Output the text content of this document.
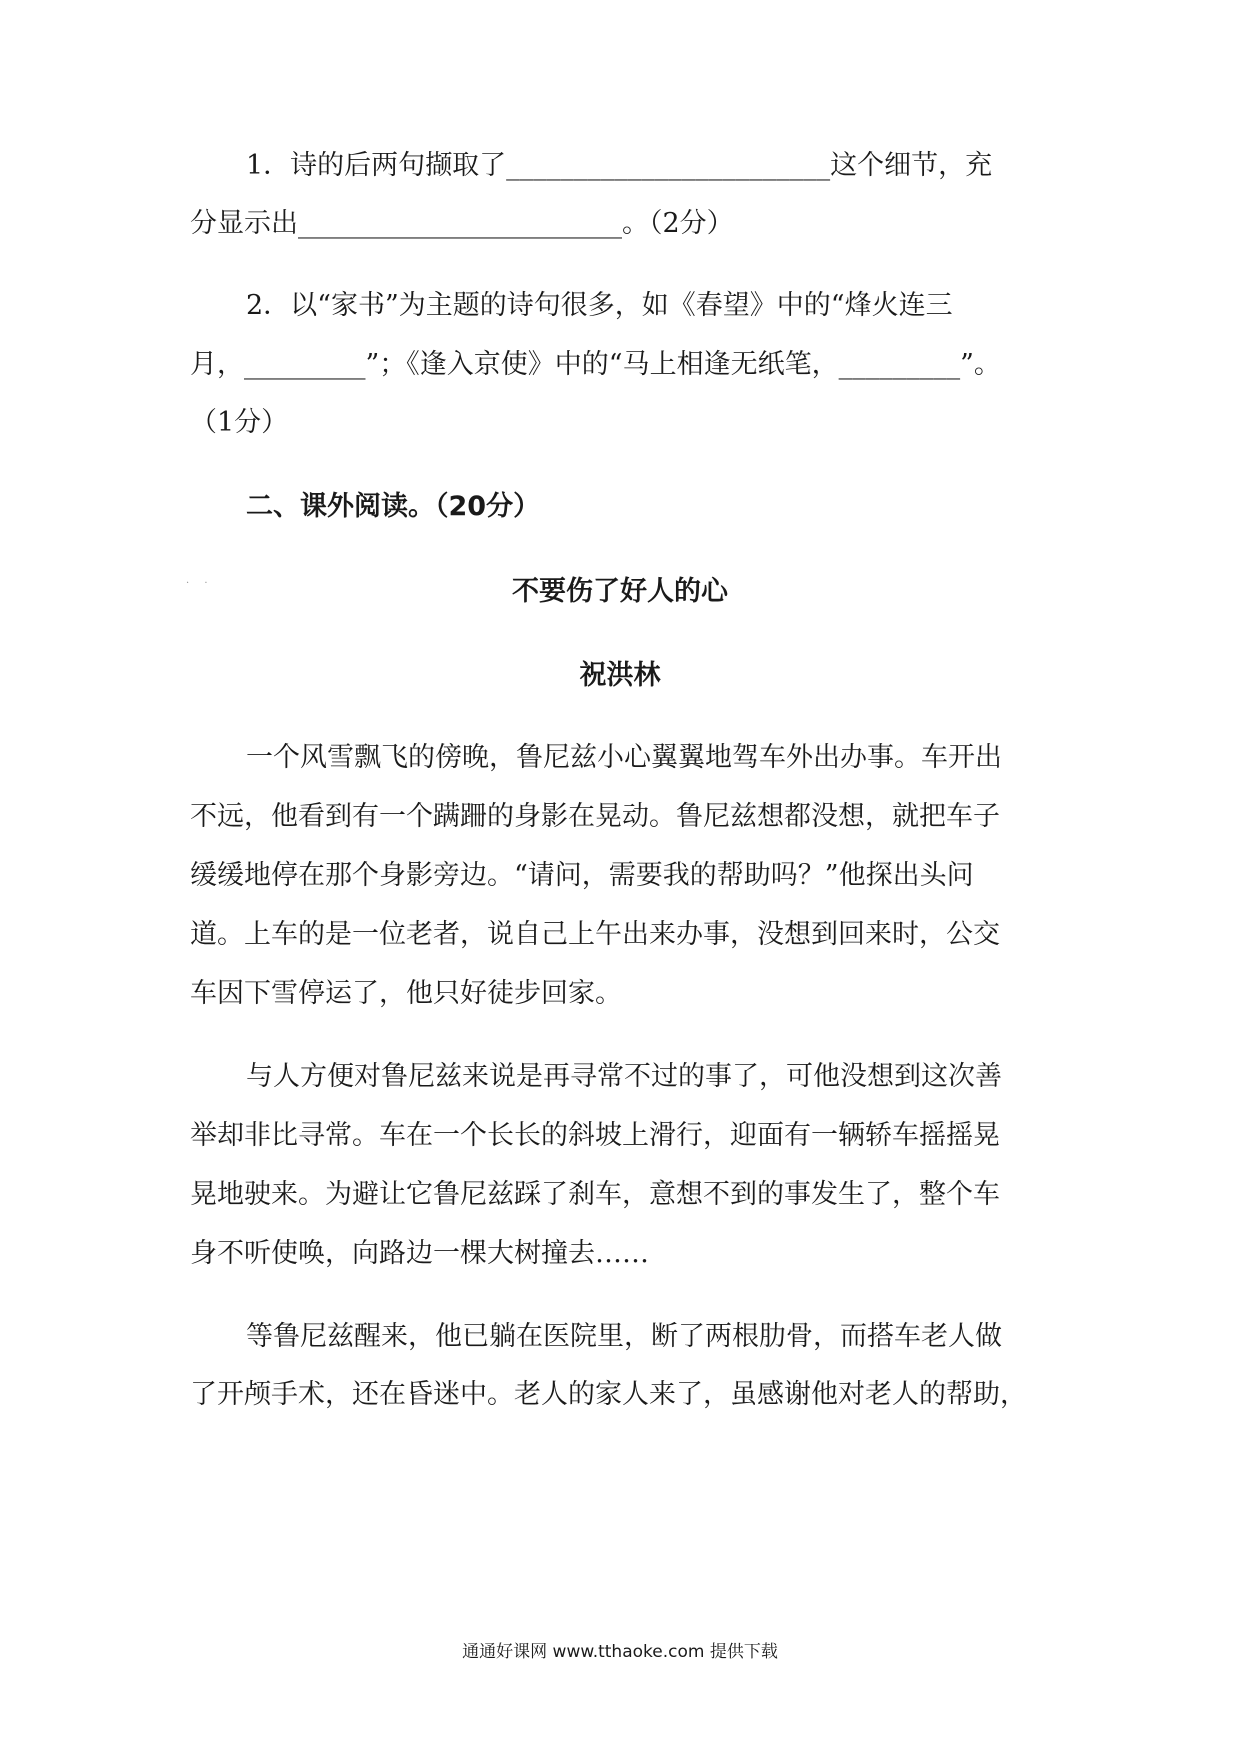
1．诗的后两句撷取了________________________这个细节，充
分显示出________________________。（2分）
2．以“家书”为主题的诗句很多，如《春望》中的“烽火连三
月，_________”；《逢入京使》中的“马上相逢无纸笔，_________”。
（1分）
· ·
二、课外阅读。（20分）
不要伤了好人的心
祝洪林
一个风雪飘飞的傍晚，鲁尼兹小心翼翼地驾车外出办事。车开出
不远，他看到有一个蹒跚的身影在晃动。鲁尼兹想都没想，就把车子
缓缓地停在那个身影旁边。“请问，需要我的帮助吗？”他探出头问
道。上车的是一位老者，说自己上午出来办事，没想到回来时，公交
车因下雪停运了，他只好徒步回家。
与人方便对鲁尼兹来说是再寻常不过的事了，可他没想到这次善
举却非比寻常。车在一个长长的斜坡上滑行，迎面有一辆轿车摇摇晃
晃地驶来。为避让它鲁尼兹踩了刹车，意想不到的事发生了，整个车
身不听使唤，向路边一棵大树撞去……
等鲁尼兹醒来，他已躺在医院里，断了两根肋骨，而搭车老人做
了开颅手术，还在昏迷中。老人的家人来了，虽感谢他对老人的帮助，
通通好课网 www.tthaoke.com 提供下载
